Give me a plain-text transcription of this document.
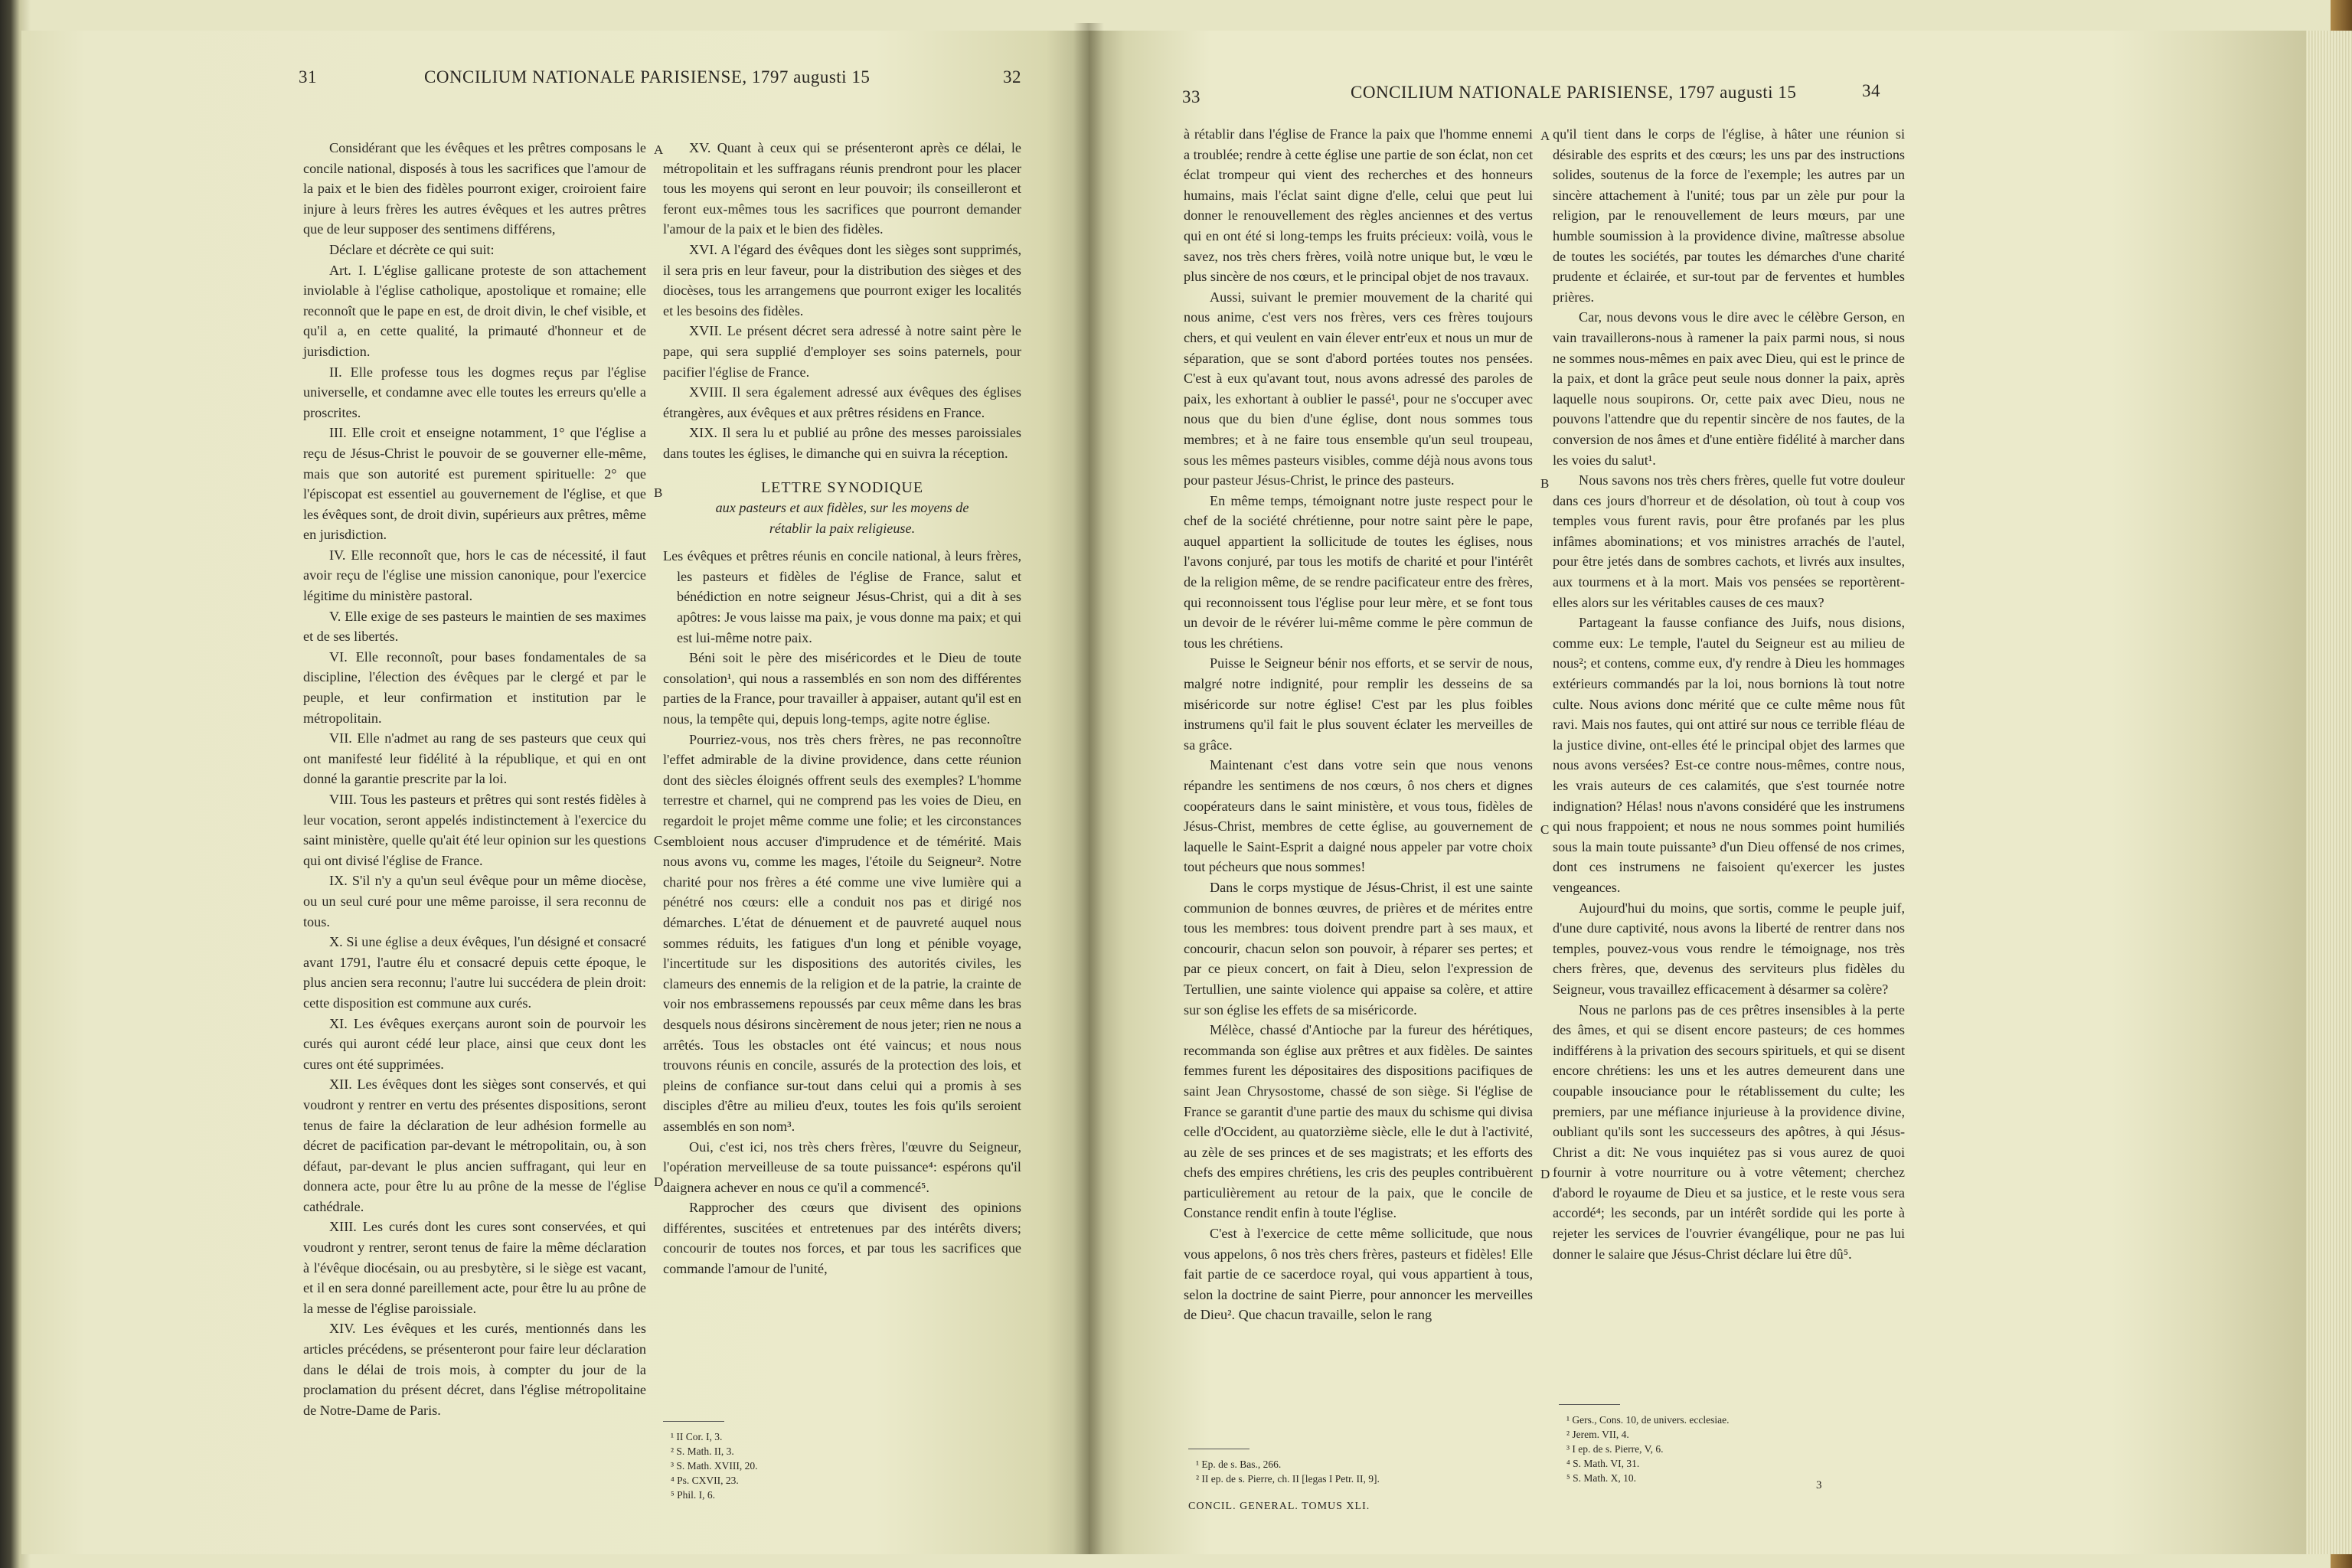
31	CONCILIUM NATIONALE PARISIENSE, 1797 augusti 15	32

Considérant que les évêques et les prêtres composans le concile national, disposés à tous les sacrifices que l'amour de la paix et le bien des fidèles pourront exiger, croiroient faire injure à leurs frères les autres évêques et les autres prêtres que de leur supposer des sentimens différens,

Déclare et décrète ce qui suit:

Art. I. L'église gallicane proteste de son attachement inviolable à l'église catholique, apostolique et romaine; elle reconnoît que le pape en est, de droit divin, le chef visible, et qu'il a, en cette qualité, la primauté d'honneur et de jurisdiction.

II. Elle professe tous les dogmes reçus par l'église universelle, et condamne avec elle toutes les erreurs qu'elle a proscrites.

III. Elle croit et enseigne notamment, 1° que l'église a reçu de Jésus-Christ le pouvoir de se gouverner elle-même, mais que son autorité est purement spirituelle: 2° que l'épiscopat est essentiel au gouvernement de l'église, et que les évêques sont, de droit divin, supérieurs aux prêtres, même en jurisdiction.

IV. Elle reconnoît que, hors le cas de nécessité, il faut avoir reçu de l'église une mission canonique, pour l'exercice légitime du ministère pastoral.

V. Elle exige de ses pasteurs le maintien de ses maximes et de ses libertés.

VI. Elle reconnoît, pour bases fondamentales de sa discipline, l'élection des évêques par le clergé et par le peuple, et leur confirmation et institution par le métropolitain.

VII. Elle n'admet au rang de ses pasteurs que ceux qui ont manifesté leur fidélité à la république, et qui en ont donné la garantie prescrite par la loi.

VIII. Tous les pasteurs et prêtres qui sont restés fidèles à leur vocation, seront appelés indistinctement à l'exercice du saint ministère, quelle qu'ait été leur opinion sur les questions qui ont divisé l'église de France.

IX. S'il n'y a qu'un seul évêque pour un même diocèse, ou un seul curé pour une même paroisse, il sera reconnu de tous.

X. Si une église a deux évêques, l'un désigné et consacré avant 1791, l'autre élu et consacré depuis cette époque, le plus ancien sera reconnu; l'autre lui succédera de plein droit: cette disposition est commune aux curés.

XI. Les évêques exerçans auront soin de pourvoir les curés qui auront cédé leur place, ainsi que ceux dont les cures ont été supprimées.

XII. Les évêques dont les sièges sont conservés, et qui voudront y rentrer en vertu des présentes dispositions, seront tenus de faire la déclaration de leur adhésion formelle au décret de pacification par-devant le métropolitain, ou, à son défaut, par-devant le plus ancien suffragant, qui leur en donnera acte, pour être lu au prône de la messe de l'église cathédrale.

XIII. Les curés dont les cures sont conservées, et qui voudront y rentrer, seront tenus de faire la même déclaration à l'évêque diocésain, ou au presbytère, si le siège est vacant, et il en sera donné pareillement acte, pour être lu au prône de la messe de l'église paroissiale.

XIV. Les évêques et les curés, mentionnés dans les articles précédens, se présenteront pour faire leur déclaration dans le délai de trois mois, à compter du jour de la proclamation du présent décret, dans l'église métropolitaine de Notre-Dame de Paris.

A
B
C
D

XV. Quant à ceux qui se présenteront après ce délai, le métropolitain et les suffragans réunis prendront pour les placer tous les moyens qui seront en leur pouvoir; ils conseilleront et feront eux-mêmes tous les sacrifices que pourront demander l'amour de la paix et le bien des fidèles.

XVI. A l'égard des évêques dont les sièges sont supprimés, il sera pris en leur faveur, pour la distribution des sièges et des diocèses, tous les arrangemens que pourront exiger les localités et les besoins des fidèles.

XVII. Le présent décret sera adressé à notre saint père le pape, qui sera supplié d'employer ses soins paternels, pour pacifier l'église de France.

XVIII. Il sera également adressé aux évêques des églises étrangères, aux évêques et aux prêtres résidens en France.

XIX. Il sera lu et publié au prône des messes paroissiales dans toutes les églises, le dimanche qui en suivra la réception.

LETTRE SYNODIQUE

aux pasteurs et aux fidèles, sur les moyens de rétablir la paix religieuse.

Les évêques et prêtres réunis en concile national, à leurs frères, les pasteurs et fidèles de l'église de France, salut et bénédiction en notre seigneur Jésus-Christ, qui a dit à ses apôtres: Je vous laisse ma paix, je vous donne ma paix; et qui est lui-même notre paix.

Béni soit le père des miséricordes et le Dieu de toute consolation¹, qui nous a rassemblés en son nom des différentes parties de la France, pour travailler à appaiser, autant qu'il est en nous, la tempête qui, depuis long-temps, agite notre église.

Pourriez-vous, nos très chers frères, ne pas reconnoître l'effet admirable de la divine providence, dans cette réunion dont des siècles éloignés offrent seuls des exemples? L'homme terrestre et charnel, qui ne comprend pas les voies de Dieu, en regardoit le projet même comme une folie; et les circonstances sembloient nous accuser d'imprudence et de témérité. Mais nous avons vu, comme les mages, l'étoile du Seigneur². Notre charité pour nos frères a été comme une vive lumière qui a pénétré nos cœurs: elle a conduit nos pas et dirigé nos démarches. L'état de dénuement et de pauvreté auquel nous sommes réduits, les fatigues d'un long et pénible voyage, l'incertitude sur les dispositions des autorités civiles, les clameurs des ennemis de la religion et de la patrie, la crainte de voir nos embrassemens repoussés par ceux même dans les bras desquels nous désirons sincèrement de nous jeter; rien ne nous a arrêtés. Tous les obstacles ont été vaincus; et nous nous trouvons réunis en concile, assurés de la protection des lois, et pleins de confiance sur-tout dans celui qui a promis à ses disciples d'être au milieu d'eux, toutes les fois qu'ils seroient assemblés en son nom³.

Oui, c'est ici, nos très chers frères, l'œuvre du Seigneur, l'opération merveilleuse de sa toute puissance⁴: espérons qu'il daignera achever en nous ce qu'il a commencé⁵.

Rapprocher des cœurs que divisent des opinions différentes, suscitées et entretenues par des intérêts divers; concourir de toutes nos forces, et par tous les sacrifices que commande l'amour de l'unité,

¹ II Cor. I, 3.

² S. Math. II, 3.

³ S. Math. XVIII, 20.

⁴ Ps. CXVII, 23.

⁵ Phil. I, 6.

33	CONCILIUM NATIONALE PARISIENSE, 1797 augusti 15	34

à rétablir dans l'église de France la paix que l'homme ennemi a troublée; rendre à cette église une partie de son éclat, non cet éclat trompeur qui vient des recherches et des honneurs humains, mais l'éclat saint digne d'elle, celui que peut lui donner le renouvellement des règles anciennes et des vertus qui en ont été si long-temps les fruits précieux: voilà, vous le savez, nos très chers frères, voilà notre unique but, le vœu le plus sincère de nos cœurs, et le principal objet de nos travaux.

Aussi, suivant le premier mouvement de la charité qui nous anime, c'est vers nos frères, vers ces frères toujours chers, et qui veulent en vain élever entr'eux et nous un mur de séparation, que se sont d'abord portées toutes nos pensées. C'est à eux qu'avant tout, nous avons adressé des paroles de paix, les exhortant à oublier le passé¹, pour ne s'occuper avec nous que du bien d'une église, dont nous sommes tous membres; et à ne faire tous ensemble qu'un seul troupeau, sous les mêmes pasteurs visibles, comme déjà nous avons tous pour pasteur Jésus-Christ, le prince des pasteurs.

En même temps, témoignant notre juste respect pour le chef de la société chrétienne, pour notre saint père le pape, auquel appartient la sollicitude de toutes les églises, nous l'avons conjuré, par tous les motifs de charité et pour l'intérêt de la religion même, de se rendre pacificateur entre des frères, qui reconnoissent tous l'église pour leur mère, et se font tous un devoir de le révérer lui-même comme le père commun de tous les chrétiens.

Puisse le Seigneur bénir nos efforts, et se servir de nous, malgré notre indignité, pour remplir les desseins de sa miséricorde sur notre église! C'est par les plus foibles instrumens qu'il fait le plus souvent éclater les merveilles de sa grâce.

Maintenant c'est dans votre sein que nous venons répandre les sentimens de nos cœurs, ô nos chers et dignes coopérateurs dans le saint ministère, et vous tous, fidèles de Jésus-Christ, membres de cette église, au gouvernement de laquelle le Saint-Esprit a daigné nous appeler par votre choix tout pécheurs que nous sommes!

Dans le corps mystique de Jésus-Christ, il est une sainte communion de bonnes œuvres, de prières et de mérites entre tous les membres: tous doivent prendre part à ses maux, et concourir, chacun selon son pouvoir, à réparer ses pertes; et par ce pieux concert, on fait à Dieu, selon l'expression de Tertullien, une sainte violence qui appaise sa colère, et attire sur son église les effets de sa miséricorde.

Mélèce, chassé d'Antioche par la fureur des hérétiques, recommanda son église aux prêtres et aux fidèles. De saintes femmes furent les dépositaires des dispositions pacifiques de saint Jean Chrysostome, chassé de son siège. Si l'église de France se garantit d'une partie des maux du schisme qui divisa celle d'Occident, au quatorzième siècle, elle le dut à l'activité, au zèle de ses princes et de ses magistrats; et les efforts des chefs des empires chrétiens, les cris des peuples contribuèrent particulièrement au retour de la paix, que le concile de Constance rendit enfin à toute l'église.

C'est à l'exercice de cette même sollicitude, que nous vous appelons, ô nos très chers frères, pasteurs et fidèles! Elle fait partie de ce sacerdoce royal, qui vous appartient à tous, selon la doctrine de saint Pierre, pour annoncer les merveilles de Dieu². Que chacun travaille, selon le rang

A
B
C
D

qu'il tient dans le corps de l'église, à hâter une réunion si désirable des esprits et des cœurs; les uns par des instructions solides, soutenus de la force de l'exemple; les autres par un sincère attachement à l'unité; tous par un zèle pur pour la religion, par le renouvellement de leurs mœurs, par une humble soumission à la providence divine, maîtresse absolue de toutes les sociétés, par toutes les démarches d'une charité prudente et éclairée, et sur-tout par de ferventes et humbles prières.

Car, nous devons vous le dire avec le célèbre Gerson, en vain travaillerons-nous à ramener la paix parmi nous, si nous ne sommes nous-mêmes en paix avec Dieu, qui est le prince de la paix, et dont la grâce peut seule nous donner la paix, après laquelle nous soupirons. Or, cette paix avec Dieu, nous ne pouvons l'attendre que du repentir sincère de nos fautes, de la conversion de nos âmes et d'une entière fidélité à marcher dans les voies du salut¹.

Nous savons nos très chers frères, quelle fut votre douleur dans ces jours d'horreur et de désolation, où tout à coup vos temples vous furent ravis, pour être profanés par les plus infâmes abominations; et vos ministres arrachés de l'autel, pour être jetés dans de sombres cachots, et livrés aux insultes, aux tourmens et à la mort. Mais vos pensées se reportèrent-elles alors sur les véritables causes de ces maux?

Partageant la fausse confiance des Juifs, nous disions, comme eux: Le temple, l'autel du Seigneur est au milieu de nous²; et contens, comme eux, d'y rendre à Dieu les hommages extérieurs commandés par la loi, nous bornions là tout notre culte. Nous avions donc mérité que ce culte même nous fût ravi. Mais nos fautes, qui ont attiré sur nous ce terrible fléau de la justice divine, ont-elles été le principal objet des larmes que nous avons versées? Est-ce contre nous-mêmes, contre nous, les vrais auteurs de ces calamités, que s'est tournée notre indignation? Hélas! nous n'avons considéré que les instrumens qui nous frappoient; et nous ne nous sommes point humiliés sous la main toute puissante³ d'un Dieu offensé de nos crimes, dont ces instrumens ne faisoient qu'exercer les justes vengeances.

Aujourd'hui du moins, que sortis, comme le peuple juif, d'une dure captivité, nous avons la liberté de rentrer dans nos temples, pouvez-vous vous rendre le témoignage, nos très chers frères, que, devenus des serviteurs plus fidèles du Seigneur, vous travaillez efficacement à désarmer sa colère?

Nous ne parlons pas de ces prêtres insensibles à la perte des âmes, et qui se disent encore pasteurs; de ces hommes indifférens à la privation des secours spirituels, et qui se disent encore chrétiens: les uns et les autres demeurent dans une coupable insouciance pour le rétablissement du culte; les premiers, par une méfiance injurieuse à la providence divine, oubliant qu'ils sont les successeurs des apôtres, à qui Jésus-Christ a dit: Ne vous inquiétez pas si vous aurez de quoi fournir à votre nourriture ou à votre vêtement; cherchez d'abord le royaume de Dieu et sa justice, et le reste vous sera accordé⁴; les seconds, par un intérêt sordide qui les porte à rejeter les services de l'ouvrier évangélique, pour ne pas lui donner le salaire que Jésus-Christ déclare lui être dû⁵.

¹ Ep. de s. Bas., 266.

² II ep. de s. Pierre, ch. II [legas I Petr. II, 9].

CONCIL. GENERAL. TOMUS XLI.

¹ Gers., Cons. 10, de univers. ecclesiae.

² Jerem. VII, 4.

³ I ep. de s. Pierre, V, 6.

⁴ S. Math. VI, 31.

⁵ S. Math. X, 10.

3
